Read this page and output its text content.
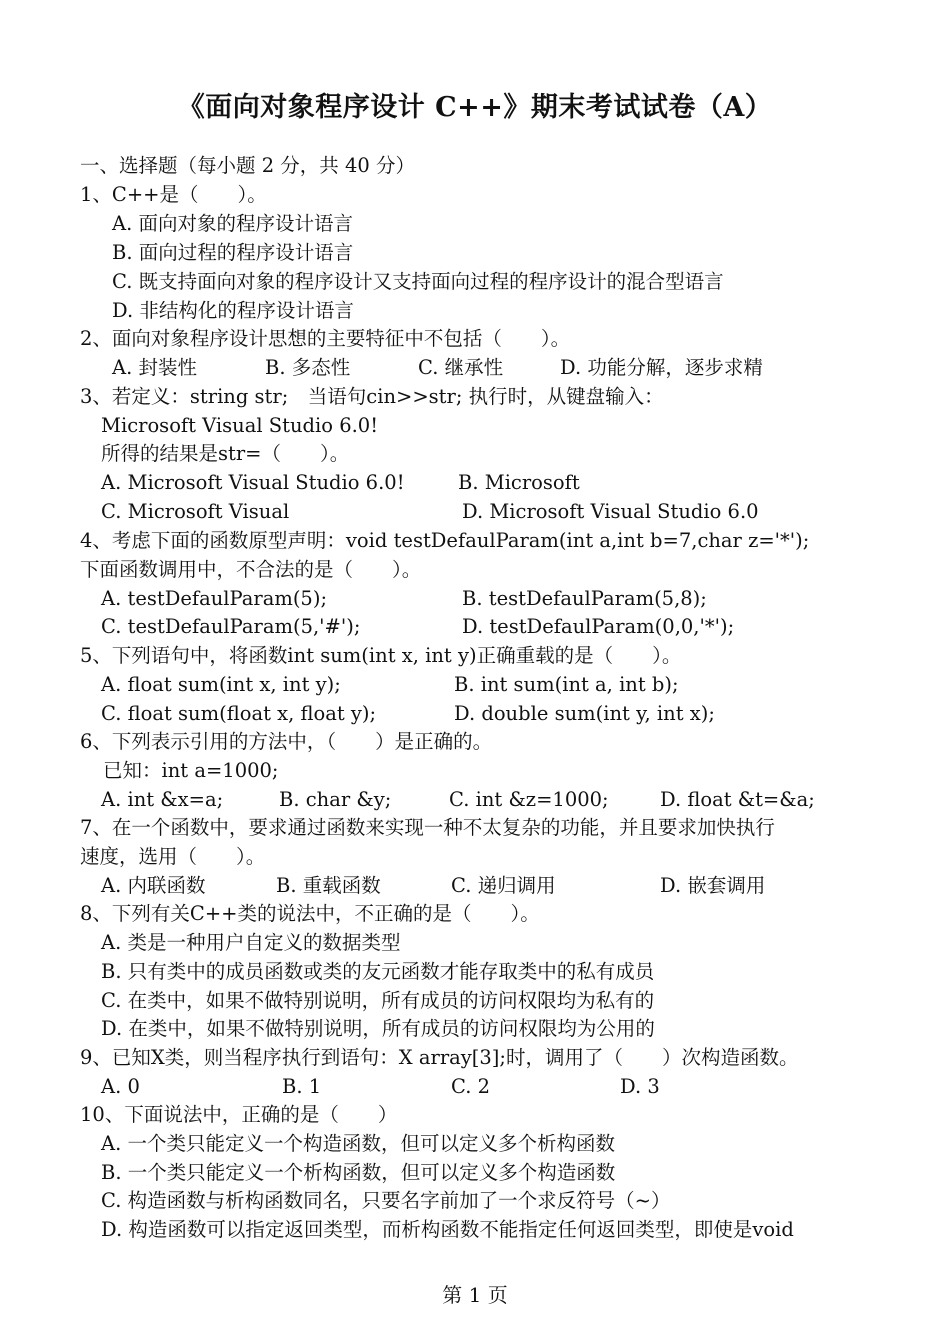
《面向对象程序设计 C++》期末考试试卷（A）
一、选择题（每小题 2 分，共 40 分）
1、C++是（　　）。
A. 面向对象的程序设计语言
B. 面向过程的程序设计语言
C. 既支持面向对象的程序设计又支持面向过程的程序设计的混合型语言
D. 非结构化的程序设计语言
2、面向对象程序设计思想的主要特征中不包括（　　）。
A. 封装性	B. 多态性	C. 继承性	D. 功能分解，逐步求精
3、若定义：string str;　当语句cin>>str; 执行时，从键盘输入：
Microsoft Visual Studio 6.0!
所得的结果是str=（　　）。
A. Microsoft Visual Studio 6.0!	B. Microsoft
C. Microsoft Visual	D. Microsoft Visual Studio 6.0
4、考虑下面的函数原型声明：void testDefaulParam(int a,int b=7,char z='*');
下面函数调用中，不合法的是（　　）。
A. testDefaulParam(5);	B. testDefaulParam(5,8);
C. testDefaulParam(5,'#');	D. testDefaulParam(0,0,'*');
5、下列语句中，将函数int sum(int x, int y)正确重载的是（　　）。
A. float sum(int x, int y);	B. int sum(int a, int b);
C. float sum(float x, float y);	D. double sum(int y, int x);
6、下列表示引用的方法中，（　　）是正确的。
已知：int a=1000;
A. int &x=a;	B. char &y;	C. int &z=1000;	D. float &t=&a;
7、在一个函数中，要求通过函数来实现一种不太复杂的功能，并且要求加快执行
速度，选用（　　）。
A. 内联函数	B. 重载函数	C. 递归调用	D. 嵌套调用
8、下列有关C++类的说法中，不正确的是（　　）。
A. 类是一种用户自定义的数据类型
B. 只有类中的成员函数或类的友元函数才能存取类中的私有成员
C. 在类中，如果不做特别说明，所有成员的访问权限均为私有的
D. 在类中，如果不做特别说明，所有成员的访问权限均为公用的
9、已知X类，则当程序执行到语句：X array[3];时，调用了（　　）次构造函数。
A. 0	B. 1	C. 2	D. 3
10、下面说法中，正确的是（　　）
A. 一个类只能定义一个构造函数，但可以定义多个析构函数
B. 一个类只能定义一个析构函数，但可以定义多个构造函数
C. 构造函数与析构函数同名，只要名字前加了一个求反符号（~）
D. 构造函数可以指定返回类型，而析构函数不能指定任何返回类型，即使是void
第 1 页
